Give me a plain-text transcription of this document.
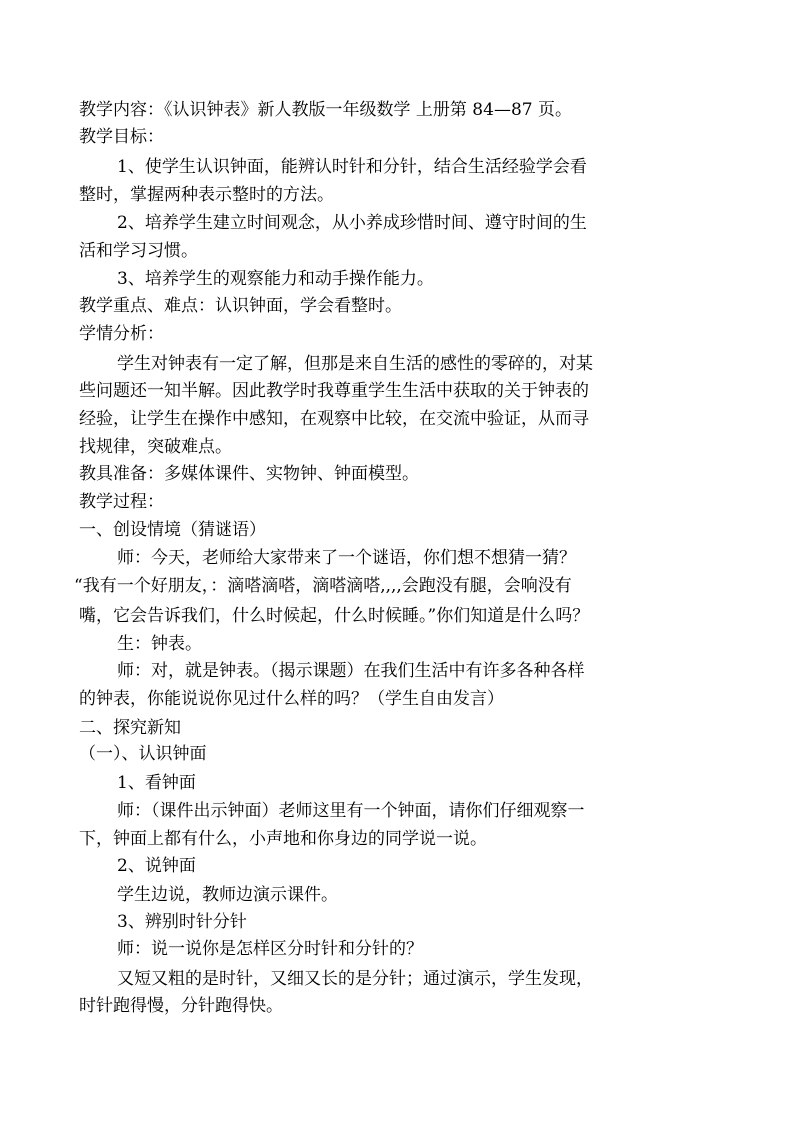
教学内容：《认识钟表》新人教版一年级数学 上册第 84—87 页。
教学目标：
1、使学生认识钟面，能辨认时针和分针，结合生活经验学会看
整时，掌握两种表示整时的方法。
2、培养学生建立时间观念，从小养成珍惜时间、遵守时间的生
活和学习习惯。
3、培养学生的观察能力和动手操作能力。
教学重点、难点：认识钟面，学会看整时。
学情分析：
学生对钟表有一定了解，但那是来自生活的感性的零碎的，对某
些问题还一知半解。因此教学时我尊重学生生活中获取的关于钟表的
经验，让学生在操作中感知，在观察中比较，在交流中验证，从而寻
找规律，突破难点。
教具准备：多媒体课件、实物钟、钟面模型。
教学过程：
一、创设情境（猜谜语）
师：今天，老师给大家带来了一个谜语，你们想不想猜一猜？
“我有一个好朋友，：滴嗒滴嗒，滴嗒滴嗒,,,,会跑没有腿，会响没有
嘴，它会告诉我们，什么时候起，什么时候睡。”你们知道是什么吗？
生：钟表。
师：对，就是钟表。（揭示课题）在我们生活中有许多各种各样
的钟表，你能说说你见过什么样的吗？（学生自由发言）
二、探究新知
（一）、认识钟面
1、看钟面
师：（课件出示钟面）老师这里有一个钟面，请你们仔细观察一
下，钟面上都有什么，小声地和你身边的同学说一说。
2、说钟面
学生边说，教师边演示课件。
3、辨别时针分针
师：说一说你是怎样区分时针和分针的？
又短又粗的是时针，又细又长的是分针；通过演示，学生发现，
时针跑得慢，分针跑得快。
